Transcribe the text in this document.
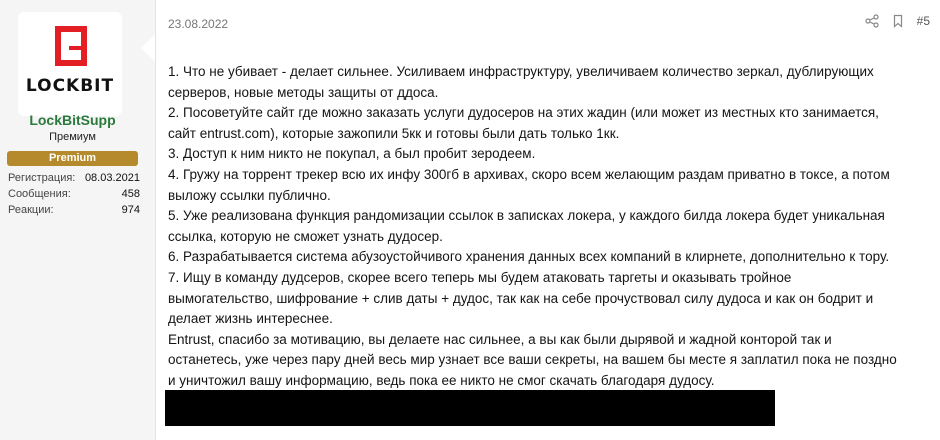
LOCKBIT
LockBitSupp
Премиум
Premium
Регистрация: 08.03.2021
Сообщения:	458
Реакции:	974
23.08.2022	#5

1. Что не убивает - делает сильнее. Усиливаем инфраструктуру, увеличиваем количество зеркал, дублирующих

серверов, новые методы защиты от ддоса.

2. Посоветуйте сайт где можно заказать услуги дудосеров на этих жадин (или может из местных кто занимается,

сайт entrust.com), которые зажопили 5кк и готовы были дать только 1кк.

3. Доступ к ним никто не покупал, а был пробит зеродеем.

4. Гружу на торрент трекер всю их инфу 300гб в архивах, скоро всем желающим раздам приватно в токсе, а потом

выложу ссылки публично.

5. Уже реализована функция рандомизации ссылок в записках локера, у каждого билда локера будет уникальная

ссылка, которую не сможет узнать дудосер.

6. Разрабатывается система абузоустойчивого хранения данных всех компаний в клирнете, дополнительно к тору.

7. Ищу в команду дудсеров, скорее всего теперь мы будем атаковать таргеты и оказывать тройное

вымогательство, шифрование + слив даты + дудос, так как на себе прочуствовал силу дудоса и как он бодрит и

делает жизнь интереснее.

Entrust, спасибо за мотивацию, вы делаете нас сильнее, а вы как были дырявой и жадной конторой так и

останетесь, уже через пару дней весь мир узнает все ваши секреты, на вашем бы месте я заплатил пока не поздно

и уничтожил вашу информацию, ведь пока ее никто не смог скачать благодаря дудосу.
